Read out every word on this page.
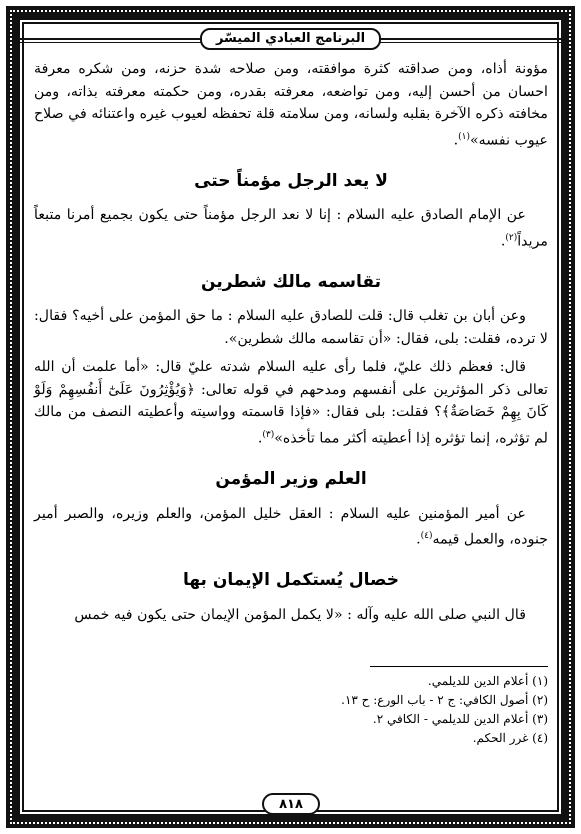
البرنامج العبادي الميسّر

مؤونة أذاه، ومن صداقته كثرة موافقته، ومن صلاحه شدة حزنه، ومن شكره معرفة احسان من أحسن إليه، ومن تواضعه، معرفته بقدره، ومن حكمته معرفته بذاته، ومن مخافته ذكره الآخرة بقلبه ولسانه، ومن سلامته قلة تحفظه لعيوب غيره واعتنائه في صلاح عيوب نفسه»$^{(١)}$.

لا يعد الرجل مؤمناً حتى

عن الإمام الصادق عليه السلام : إنا لا نعد الرجل مؤمناً حتى يكون بجميع أمرنا متبعاً مريداً$^{(٢)}$.

تقاسمه مالك شطرين

وعن أبان بن تغلب قال: قلت للصادق عليه السلام : ما حق المؤمن على أخيه؟ فقال: لا ترده، فقلت: بلى، فقال: «أن تقاسمه مالك شطرين».

قال: فعظم ذلك عليّ، فلما رأى عليه السلام شدته عليّ قال: «أما علمت أن الله تعالى ذكر المؤثرين على أنفسهم ومدحهم في قوله تعالى: ﴿وَيُؤْثِرُونَ عَلَىٰٓ أَنفُسِهِمْ وَلَوْ كَانَ بِهِمْ خَصَاصَةٌ﴾؟ فقلت: بلى فقال: «فإذا قاسمته وواسيته وأعطيته النصف من مالك لم تؤثره، إنما تؤثره إذا أعطيته أكثر مما تأخذه»$^{(٣)}$.

العلم وزير المؤمن

عن أمير المؤمنين عليه السلام : العقل خليل المؤمن، والعلم وزيره، والصبر أمير جنوده، والعمل قيمه$^{(٤)}$.

خصال يُستكمل الإيمان بها

قال النبي صلى الله عليه وآله : «لا يكمل المؤمن الإيمان حتى يكون فيه خمس

(١) أعلام الدين للديلمي.
(٢) أصول الكافي: ج ٢ - باب الورع: ح ١٣.
(٣) أعلام الدين للديلمي - الكافي ٢.
(٤) غرر الحكم.
٨١٨
